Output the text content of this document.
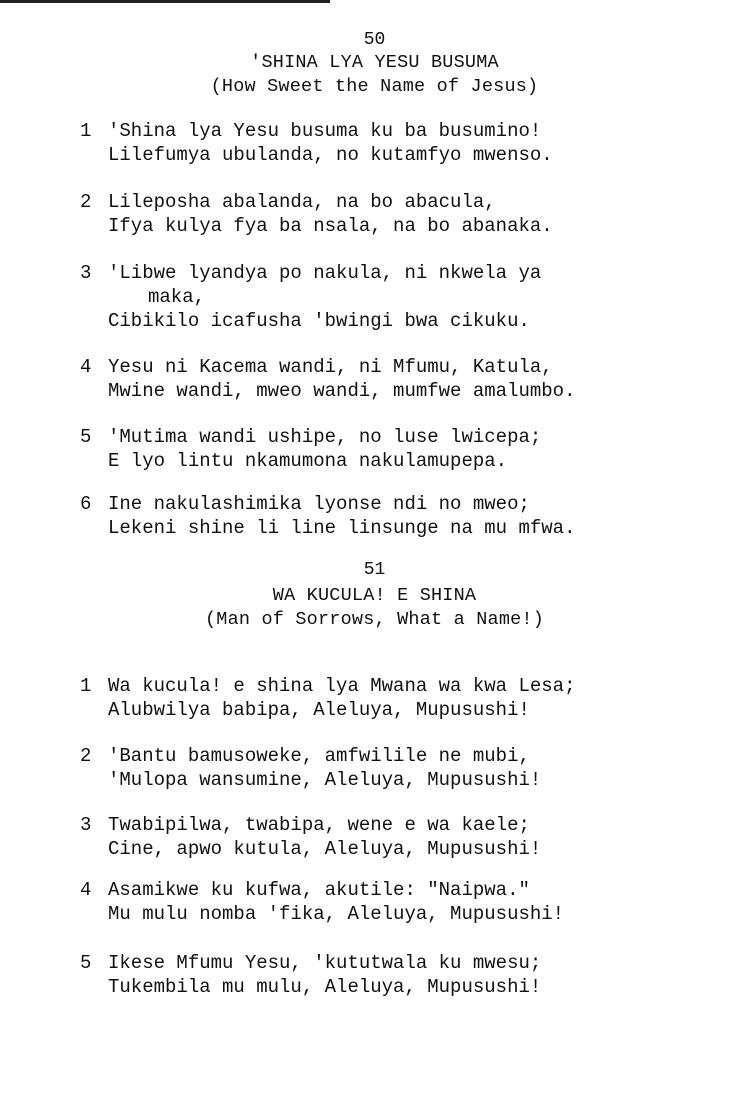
50
'SHINA LYA YESU BUSUMA
(How Sweet the Name of Jesus)
1 'Shina lya Yesu busuma ku ba busumino!
Lilefumya ubulanda, no kutamfyo mwenso.
2 Lileposha abalanda, na bo abacula,
Ifya kulya fya ba nsala, na bo abanaka.
3 'Libwe lyandya po nakula, ni nkwela ya
maka,
Cibikilo icafusha 'bwingi bwa cikuku.
4 Yesu ni Kacema wandi, ni Mfumu, Katula,
Mwine wandi, mweo wandi, mumfwe amalumbo.
5 'Mutima wandi ushipe, no luse lwicepa;
E lyo lintu nkamumona nakulamupepa.
6 Ine nakulashimika lyonse ndi no mweo;
Lekeni shine li line linsunge na mu mfwa.
51
WA KUCULA! E SHINA
(Man of Sorrows, What a Name!)
1 Wa kucula! e shina lya Mwana wa kwa Lesa;
Alubwilya babipa, Aleluya, Mupusushi!
2 'Bantu bamusoweke, amfwilile ne mubi,
'Mulopa wansumine, Aleluya, Mupusushi!
3 Twabipilwa, twabipa, wene e wa kaele;
Cine, apwo kutula, Aleluya, Mupusushi!
4 Asamikwe ku kufwa, akutile: "Naipwa."
Mu mulu nomba 'fika, Aleluya, Mupusushi!
5 Ikese Mfumu Yesu, 'kututwala ku mwesu;
Tukembila mu mulu, Aleluya, Mupusushi!
